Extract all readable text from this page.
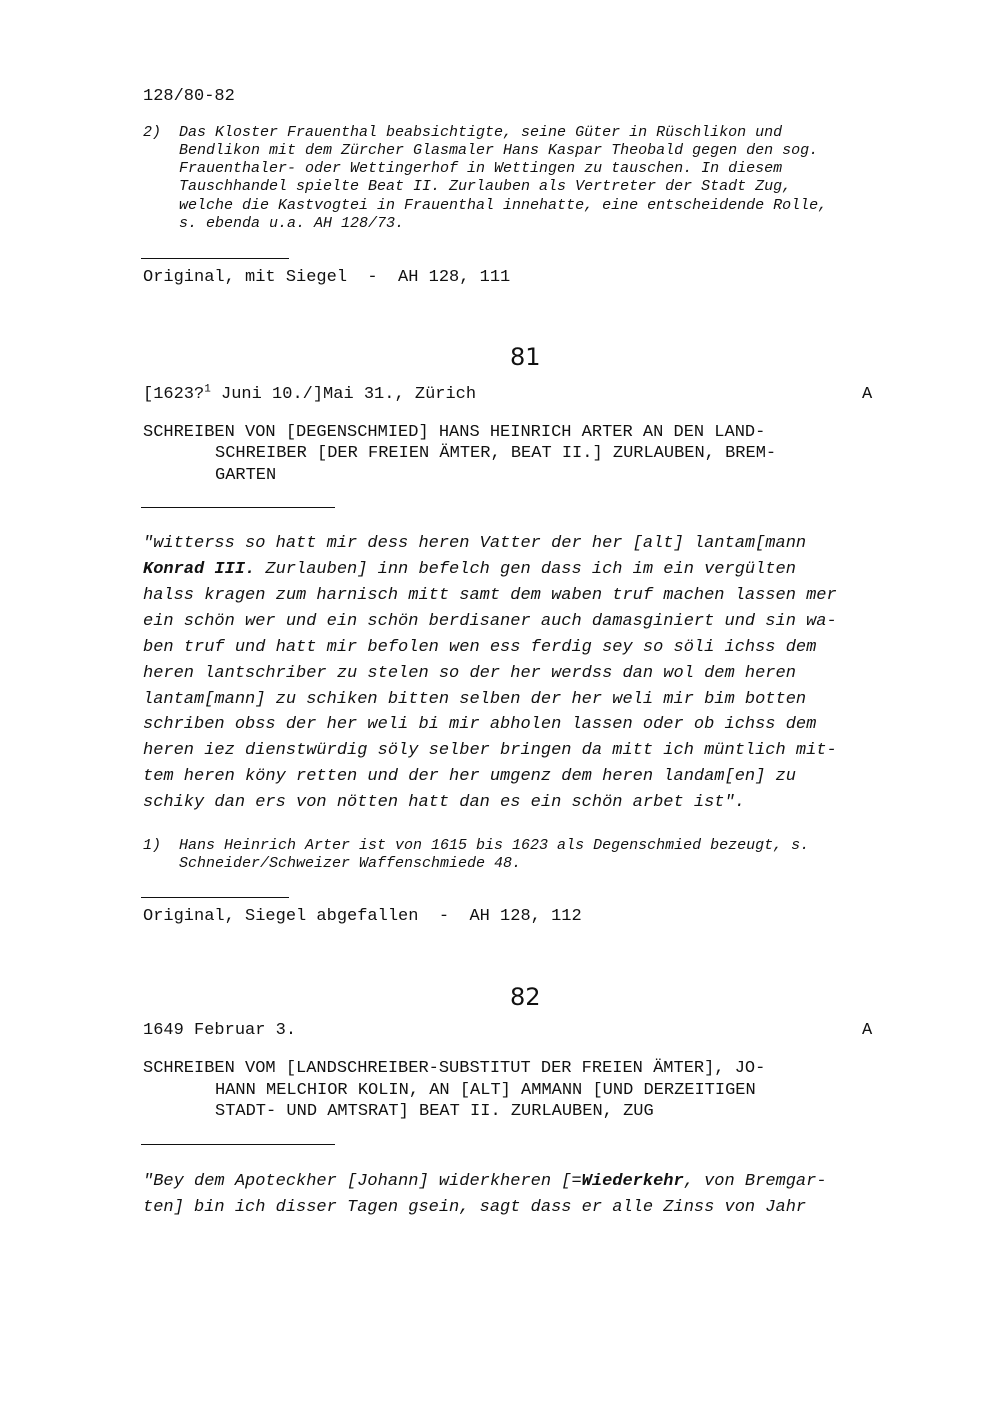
128/80-82
2) Das Kloster Frauenthal beabsichtigte, seine Güter in Rüschlikon und
Bendlikon mit dem Zürcher Glasmaler Hans Kaspar Theobald gegen den sog.
Frauenthaler- oder Wettingerhof in Wettingen zu tauschen. In diesem
Tauschhandel spielte Beat II. Zurlauben als Vertreter der Stadt Zug,
welche die Kastvogtei in Frauenthal innehatte, eine entscheidende Rolle,
s. ebenda u.a. AH 128/73.
Original, mit Siegel  -  AH 128, 111
81
[1623?$^1$ Juni 10./]Mai 31., Zürich	A
SCHREIBEN VON [DEGENSCHMIED] HANS HEINRICH ARTER AN DEN LAND-
SCHREIBER [DER FREIEN ÄMTER, BEAT II.] ZURLAUBEN, BREM-
GARTEN
"witterss so hatt mir dess heren Vatter der her [alt] lantam[mann
Konrad III. Zurlauben] inn befelch gen dass ich im ein vergülten
halss kragen zum harnisch mitt samt dem waben truf machen lassen mer
ein schön wer und ein schön berdisaner auch damasginiert und sin wa-
ben truf und hatt mir befolen wen ess ferdig sey so söli ichss dem
heren lantschriber zu stelen so der her werdss dan wol dem heren
lantam[mann] zu schiken bitten selben der her weli mir bim botten
schriben obss der her weli bi mir abholen lassen oder ob ichss dem
heren iez dienstwürdig söly selber bringen da mitt ich müntlich mit-
tem heren köny retten und der her umgenz dem heren landam[en] zu
schiky dan ers von nötten hatt dan es ein schön arbet ist".
1) Hans Heinrich Arter ist von 1615 bis 1623 als Degenschmied bezeugt, s.
Schneider/Schweizer Waffenschmiede 48.
Original, Siegel abgefallen  -  AH 128, 112
82
1649 Februar 3.	A
SCHREIBEN VOM [LANDSCHREIBER-SUBSTITUT DER FREIEN ÄMTER], JO-
HANN MELCHIOR KOLIN, AN [ALT] AMMANN [UND DERZEITIGEN
STADT- UND AMTSRAT] BEAT II. ZURLAUBEN, ZUG
"Bey dem Apoteckher [Johann] widerkheren [=Wiederkehr, von Bremgar-
ten] bin ich disser Tagen gsein, sagt dass er alle Zinss von Jahr
